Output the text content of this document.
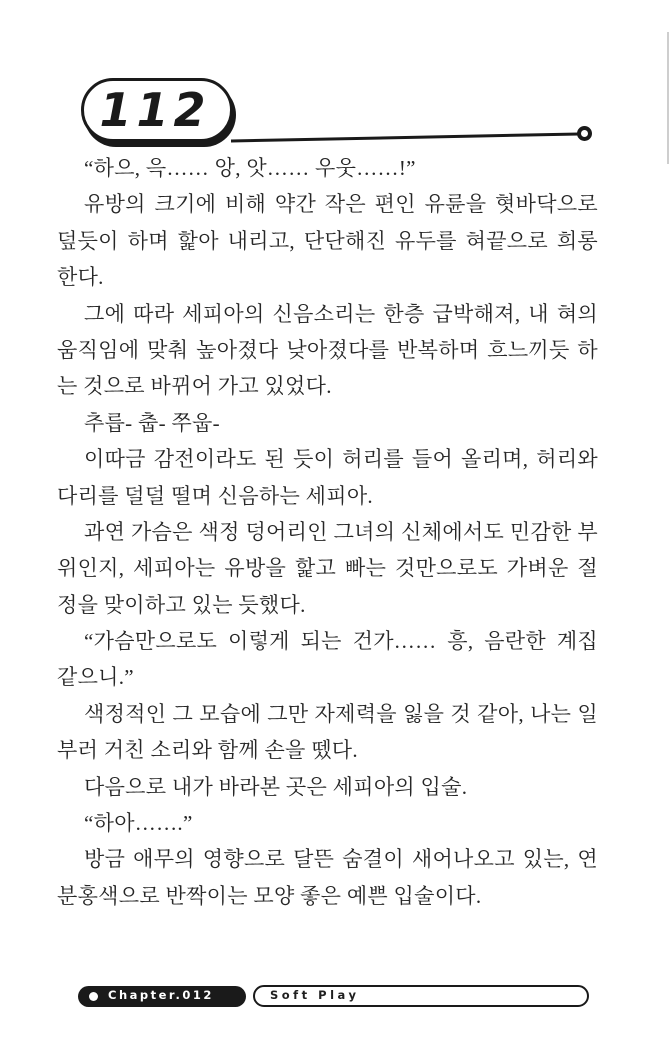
112
“하으, 윽…… 앙, 앗…… 우웃……!”
유방의 크기에 비해 약간 작은 편인 유륜을 혓바닥으로
덮듯이 하며 핥아 내리고, 단단해진 유두를 혀끝으로 희롱
한다.
그에 따라 세피아의 신음소리는 한층 급박해져, 내 혀의
움직임에 맞춰 높아졌다 낮아졌다를 반복하며 흐느끼듯 하
는 것으로 바뀌어 가고 있었다.
추릅- 춥- 쭈웁-
이따금 감전이라도 된 듯이 허리를 들어 올리며, 허리와
다리를 덜덜 떨며 신음하는 세피아.
과연 가슴은 색정 덩어리인 그녀의 신체에서도 민감한 부
위인지, 세피아는 유방을 핥고 빠는 것만으로도 가벼운 절
정을 맞이하고 있는 듯했다.
“가슴만으로도 이렇게 되는 건가…… 흥, 음란한 계집
같으니.”
색정적인 그 모습에 그만 자제력을 잃을 것 같아, 나는 일
부러 거친 소리와 함께 손을 뗐다.
다음으로 내가 바라본 곳은 세피아의 입술.
“하아…….”
방금 애무의 영향으로 달뜬 숨결이 새어나오고 있는, 연
분홍색으로 반짝이는 모양 좋은 예쁜 입술이다.
Chapter.012	Soft Play
